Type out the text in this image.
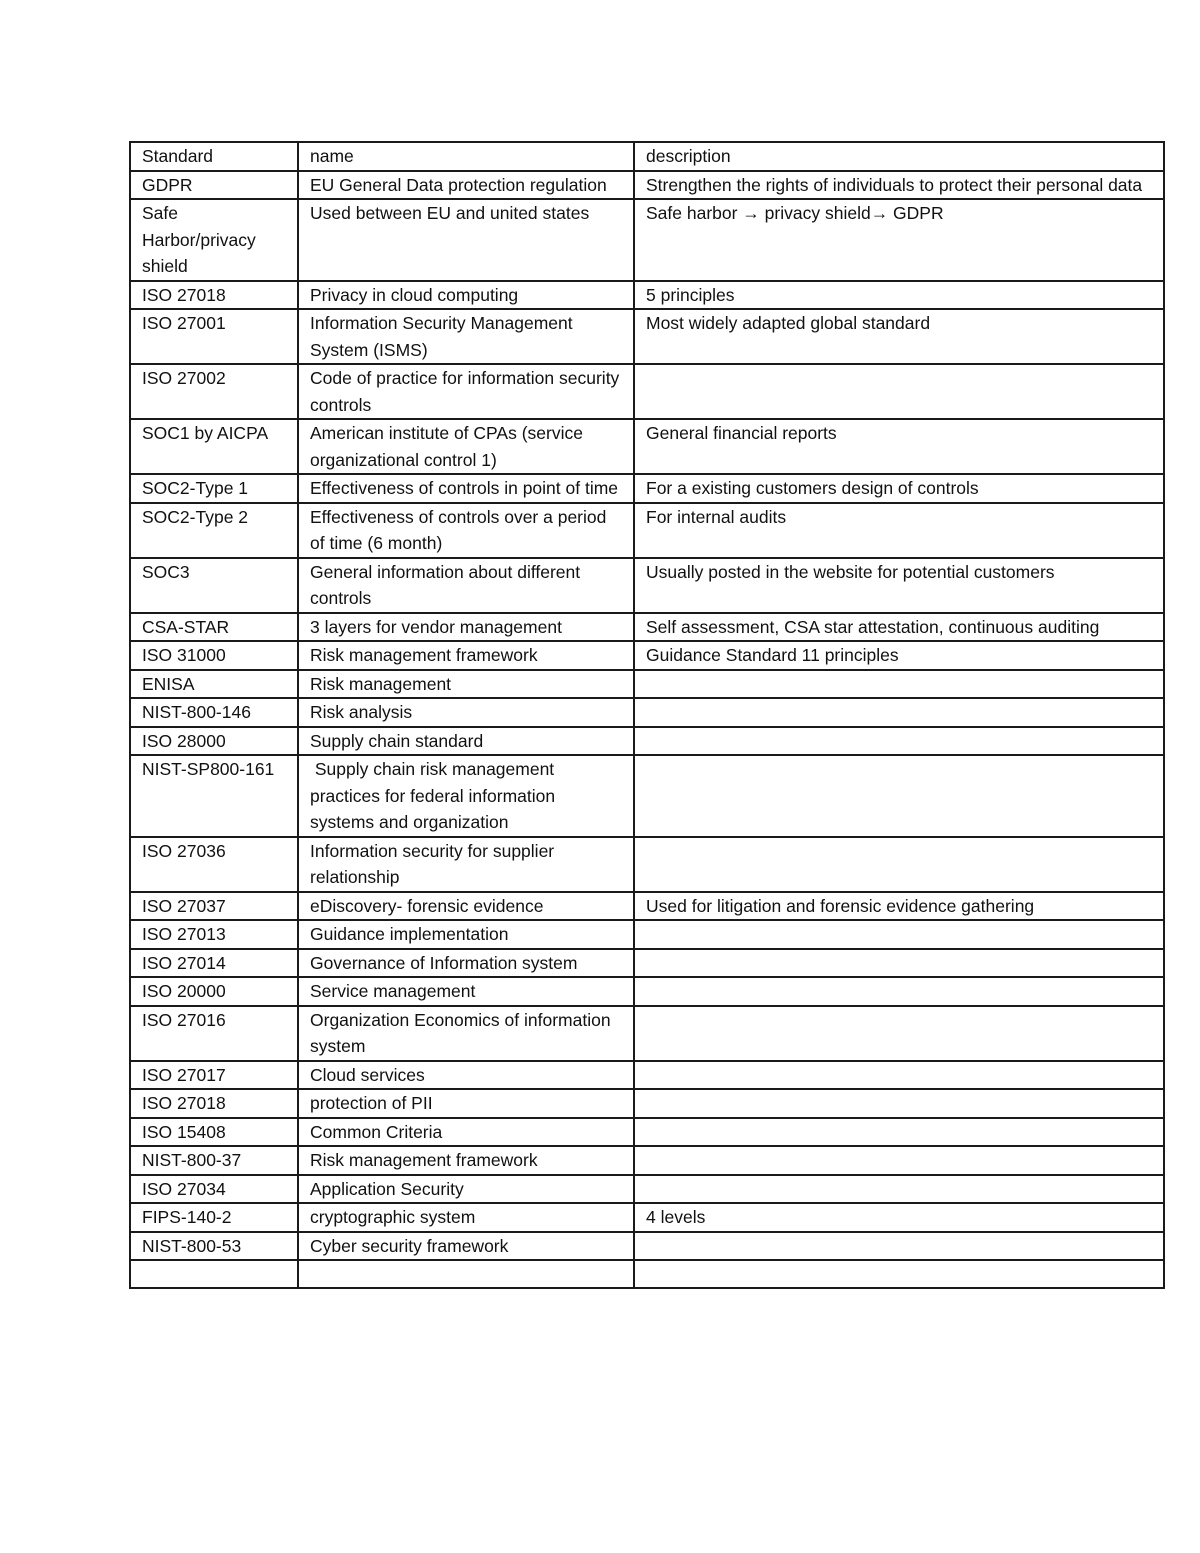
Standard	name	description
GDPR	EU General Data protection regulation	Strengthen the rights of individuals to protect their personal data
Safe Harbor/privacy shield	Used between EU and united states	Safe harbor → privacy shield→ GDPR
ISO 27018	Privacy in cloud computing	5 principles
ISO 27001	Information Security Management System (ISMS)	Most widely adapted global standard
ISO 27002	Code of practice for information security controls	
SOC1 by AICPA	American institute of CPAs (service organizational control 1)	General financial reports
SOC2-Type 1	Effectiveness of controls in point of time	For a existing customers design of controls
SOC2-Type 2	Effectiveness of controls over a period of time (6 month)	For internal audits
SOC3	General information about different controls	Usually posted in the website for potential customers
CSA-STAR	3 layers for vendor management	Self assessment, CSA star attestation, continuous auditing
ISO 31000	Risk management framework	Guidance Standard 11 principles
ENISA	Risk management	
NIST-800-146	Risk analysis	
ISO 28000	Supply chain standard	
NIST-SP800-161	Supply chain risk management practices for federal information systems and organization	
ISO 27036	Information security for supplier relationship	
ISO 27037	eDiscovery- forensic evidence	Used for litigation and forensic evidence gathering
ISO 27013	Guidance implementation	
ISO 27014	Governance of Information system	
ISO 20000	Service management	
ISO 27016	Organization Economics of information system	
ISO 27017	Cloud services	
ISO 27018	protection of PII	
ISO 15408	Common Criteria	
NIST-800-37	Risk management framework	
ISO 27034	Application Security	
FIPS-140-2	cryptographic system	4 levels
NIST-800-53	Cyber security framework	
